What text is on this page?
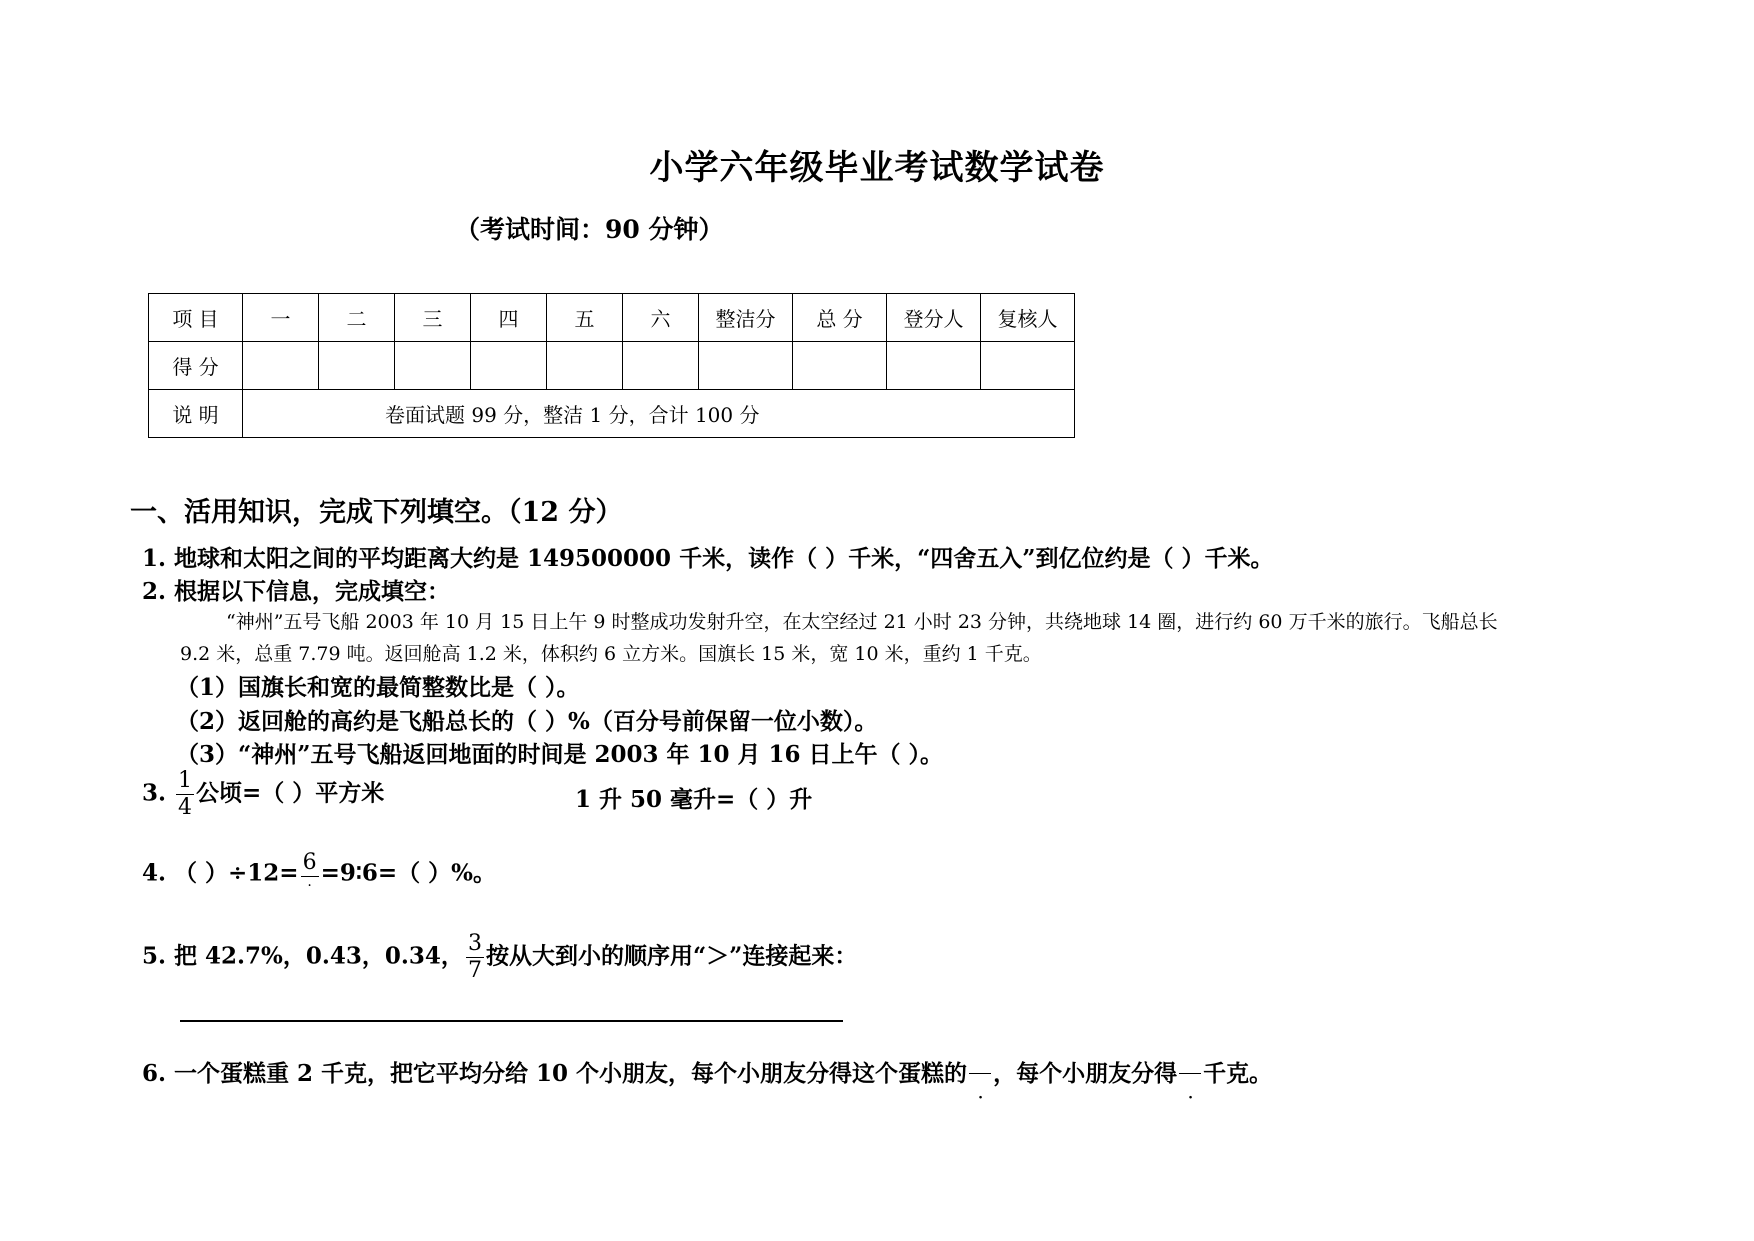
小学六年级毕业考试数学试卷
（考试时间：90 分钟）
项 目	一	二	三	四	五	六	整洁分	总 分	登分人	复核人
得 分										
说 明	卷面试题 99 分，整洁 1 分，合计 100 分									
一、活用知识，完成下列填空。（12 分）
1. 地球和太阳之间的平均距离大约是 149500000 千米，读作（ ）千米，“四舍五入”到亿位约是（ ）千米。
2. 根据以下信息，完成填空：
“神州”五号飞船 2003 年 10 月 15 日上午 9 时整成功发射升空，在太空经过 21 小时 23 分钟，共绕地球 14 圈，进行约 60 万千米的旅行。飞船总长
9.2 米，总重 7.79 吨。返回舱高 1.2 米，体积约 6 立方米。国旗长 15 米，宽 10 米，重约 1 千克。
（1）国旗长和宽的最简整数比是（ ）。
（2）返回舱的高约是飞船总长的（ ）%（百分号前保留一位小数）。
（3）“神州”五号飞船返回地面的时间是 2003 年 10 月 16 日上午（ ）。
3. $\frac{1}{4}$ 公顷=（ ）平方米	1 升 50 毫升=（ ）升
4. （ ）$\div 12= \frac{6}{\cdot}$ =9∶6=（ ）%。
5. 把 42.7%，0.43，0.34， $\frac{3}{7}$ 按从大到小的顺序用“＞”连接起来：
6. 一个蛋糕重 2 千克，把它平均分给 10 个小朋友，每个小朋友分得这个蛋糕的
·
，每个小朋友分得
·
千克。
